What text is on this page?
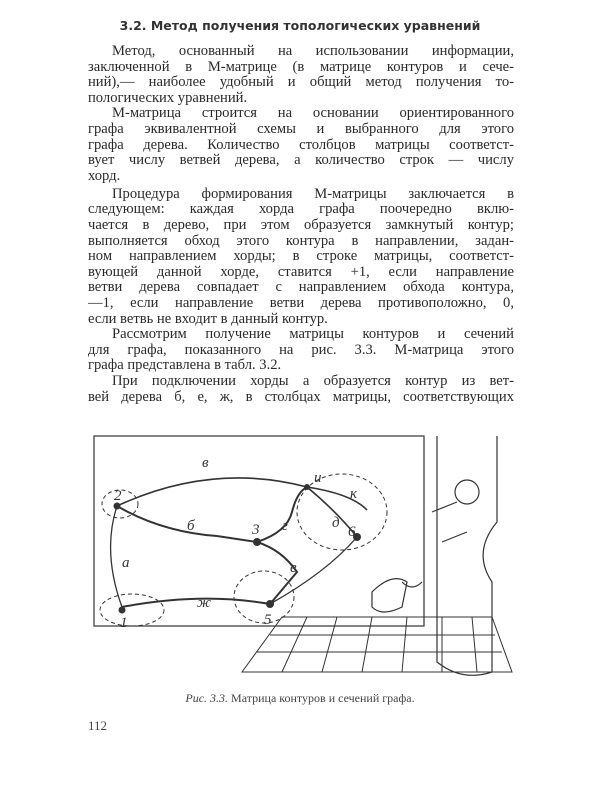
3.2. Метод получения топологических уравнений
Метод, основанный на использовании информации,
заключенной в М-матрице (в матрице контуров и сече-
ний),— наиболее удобный и общий метод получения то-
пологических уравнений.
М-матрица строится на основании ориентированного
графа эквивалентной схемы и выбранного для этого
графа дерева. Количество столбцов матрицы соответст-
вует числу ветвей дерева, а количество строк — числу
хорд.
Процедура формирования М-матрицы заключается в
следующем: каждая хорда графа поочередно вклю-
чается в дерево, при этом образуется замкнутый контур;
выполняется обход этого контура в направлении, задан-
ном направлением хорды; в строке матрицы, соответст-
вующей данной хорде, ставится +1, если направление
ветви дерева совпадает с направлением обхода контура,
—1, если направление ветви дерева противоположно, 0,
если ветвь не входит в данный контур.
Рассмотрим получение матрицы контуров и сечений
для графа, показанного на рис. 3.3. М-матрица этого
графа представлена в табл. 3.2.
При подключении хорды а образуется контур из вет-
вей дерева б, е, ж, в столбцах матрицы, соответствующих
2
3
5
6
1
и
а
б
в
г	д
е
ж
к
Рис. 3.3. Матрица контуров и сечений графа.
112
